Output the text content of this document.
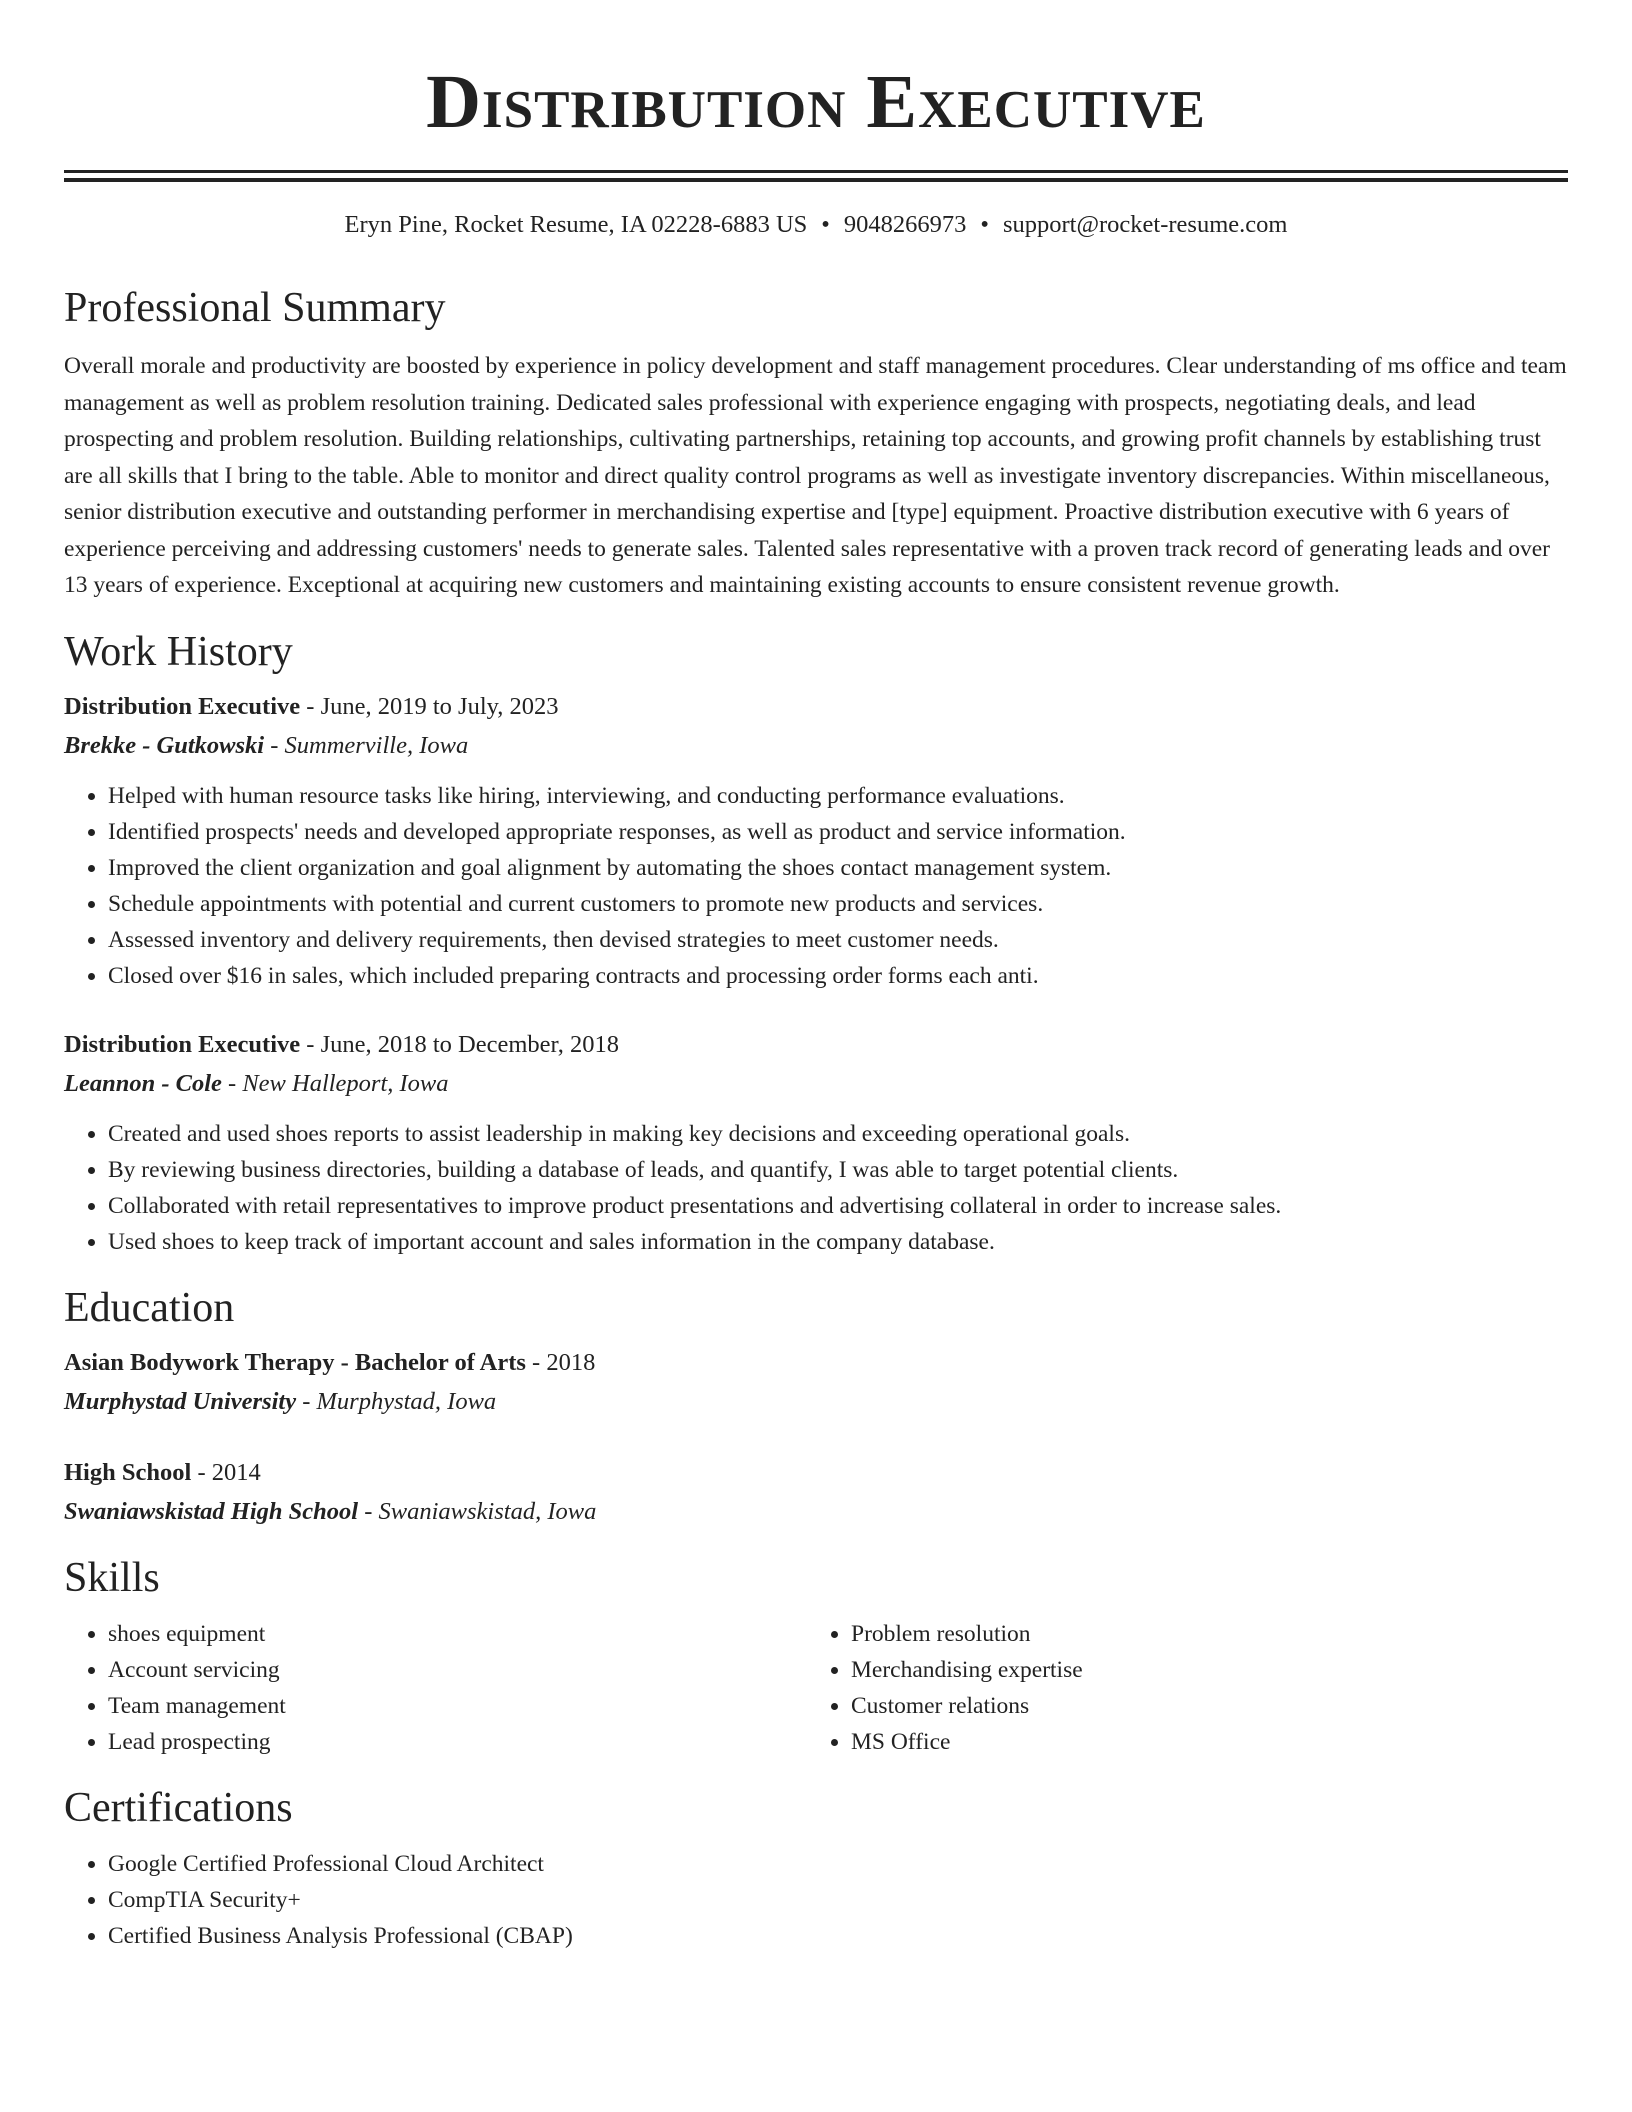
Distribution Executive
Eryn Pine, Rocket Resume, IA 02228-6883 US • 9048266973 • support@rocket-resume.com
Professional Summary

Overall morale and productivity are boosted by experience in policy development and staff management procedures. Clear understanding of ms office and team management as well as problem resolution training. Dedicated sales professional with experience engaging with prospects, negotiating deals, and lead prospecting and problem resolution. Building relationships, cultivating partnerships, retaining top accounts, and growing profit channels by establishing trust are all skills that I bring to the table. Able to monitor and direct quality control programs as well as investigate inventory discrepancies. Within miscellaneous, senior distribution executive and outstanding performer in merchandising expertise and [type] equipment. Proactive distribution executive with 6 years of experience perceiving and addressing customers' needs to generate sales. Talented sales representative with a proven track record of generating leads and over 13 years of experience. Exceptional at acquiring new customers and maintaining existing accounts to ensure consistent revenue growth.

Work History
Distribution Executive - June, 2019 to July, 2023
Brekke - Gutkowski - Summerville, Iowa
• Helped with human resource tasks like hiring, interviewing, and conducting performance evaluations.
• Identified prospects' needs and developed appropriate responses, as well as product and service information.
• Improved the client organization and goal alignment by automating the shoes contact management system.
• Schedule appointments with potential and current customers to promote new products and services.
• Assessed inventory and delivery requirements, then devised strategies to meet customer needs.
• Closed over $16 in sales, which included preparing contracts and processing order forms each anti.
Distribution Executive - June, 2018 to December, 2018
Leannon - Cole - New Halleport, Iowa
• Created and used shoes reports to assist leadership in making key decisions and exceeding operational goals.
• By reviewing business directories, building a database of leads, and quantify, I was able to target potential clients.
• Collaborated with retail representatives to improve product presentations and advertising collateral in order to increase sales.
• Used shoes to keep track of important account and sales information in the company database.
Education
Asian Bodywork Therapy - Bachelor of Arts - 2018
Murphystad University - Murphystad, Iowa
High School - 2014
Swaniawskistad High School - Swaniawskistad, Iowa
Skills
• shoes equipment
• Account servicing
• Team management
• Lead prospecting
• Problem resolution
• Merchandising expertise
• Customer relations
• MS Office
Certifications
• Google Certified Professional Cloud Architect
• CompTIA Security+
• Certified Business Analysis Professional (CBAP)
